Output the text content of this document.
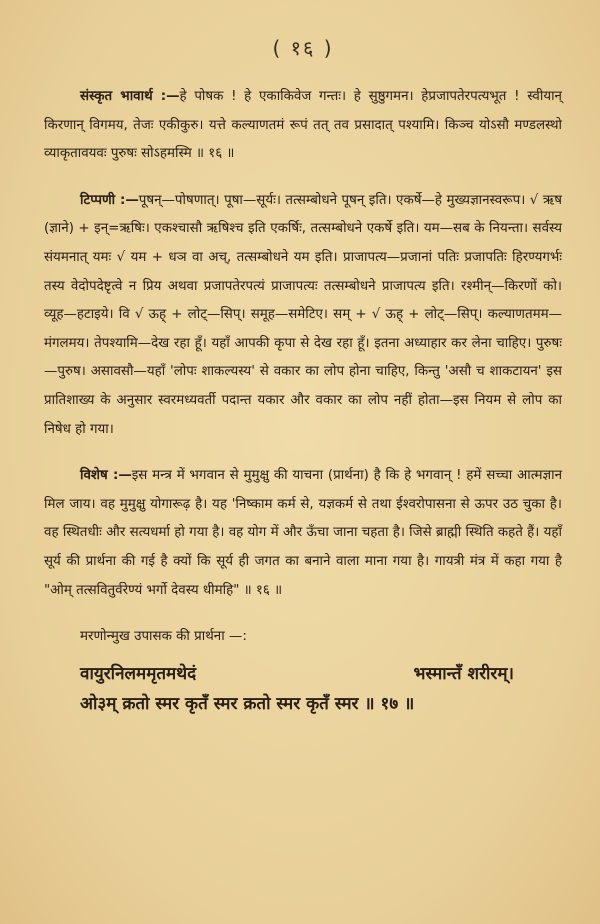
( १६ )

संस्कृत भावार्थ :—हे पोषक ! हे एकाकिवेज गन्तः। हे सुष्ठुगमन। हेप्रजापतेरपत्यभूत ! स्वीयान् किरणान् विगमय, तेजः एकीकुरु। यत्ते कल्याणतमं रूपं तत् तव प्रसादात् पश्यामि। किञ्च योऽसौ मण्डलस्थो व्याकृतावयवः पुरुषः सोऽहमस्मि ॥ १६ ॥

टिप्पणी :—पूषन्—पोषणात्। पूषा—सूर्यः। तत्सम्बोधने पूषन् इति। एकर्षे—हे मुख्यज्ञानस्वरूप। √ ऋष (ज्ञाने) + इन्=ऋषिः। एकश्चासौ ऋषिश्च इति एकर्षिः, तत्सम्बोधने एकर्षे इति। यम—सब के नियन्ता। सर्वस्य संयमनात् यमः √ यम + धञ वा अच्, तत्सम्बोधने यम इति। प्राजापत्य—प्रजानां पतिः प्रजापतिः हिरण्यगर्भः तस्य वेदोपदेष्टृत्वे न प्रिय अथवा प्रजापतेरपत्यं प्राजापत्यः तत्सम्बोधने प्राजापत्य इति। रश्मीन्—किरणों को। व्यूह—हटाइये। वि √ ऊह् + लोट्—सिप्। समूह—समेटिए। सम् + √ ऊह् + लोट्—सिप्। कल्याणतमम—मंगलमय। तेपश्यामि—देख रहा हूँ। यहाँ आपकी कृपा से देख रहा हूँ। इतना अध्याहार कर लेना चाहिए। पुरुषः—पुरुष। असावसौ—यहाँ 'लोपः शाकल्यस्य' से वकार का लोप होना चाहिए, किन्तु 'असौ च शाकटायन' इस प्रातिशाख्य के अनुसार स्वरमध्यवर्ती पदान्त यकार और वकार का लोप नहीं होता—इस नियम से लोप का निषेध हो गया।

विशेष :—इस मन्त्र में भगवान से मुमुक्षु की याचना (प्रार्थना) है कि हे भगवान् ! हमें सच्चा आत्मज्ञान मिल जाय। वह मुमुक्षु योगारूढ़ है। यह 'निष्काम कर्म से, यज्ञकर्म से तथा ईश्वरोपासना से ऊपर उठ चुका है। वह स्थितधीः और सत्यधर्मा हो गया है। वह योग में और ऊँचा जाना चहता है। जिसे ब्राह्मी स्थिति कहते हैं। यहाँ सूर्य की प्रार्थना की गई है क्यों कि सूर्य ही जगत का बनाने वाला माना गया है। गायत्री मंत्र में कहा गया है "ओम् तत्सवितुर्वरेण्यं भर्गो देवस्य धीमहि" ॥ १६ ॥

मरणोन्मुख उपासक की प्रार्थना —:
वायुरनिलममृतमथेदं	भस्मान्तँ शरीरम्।
ओ३म् क्रतो स्मर कृतँ स्मर क्रतो स्मर कृतँ स्मर ॥ १७ ॥
